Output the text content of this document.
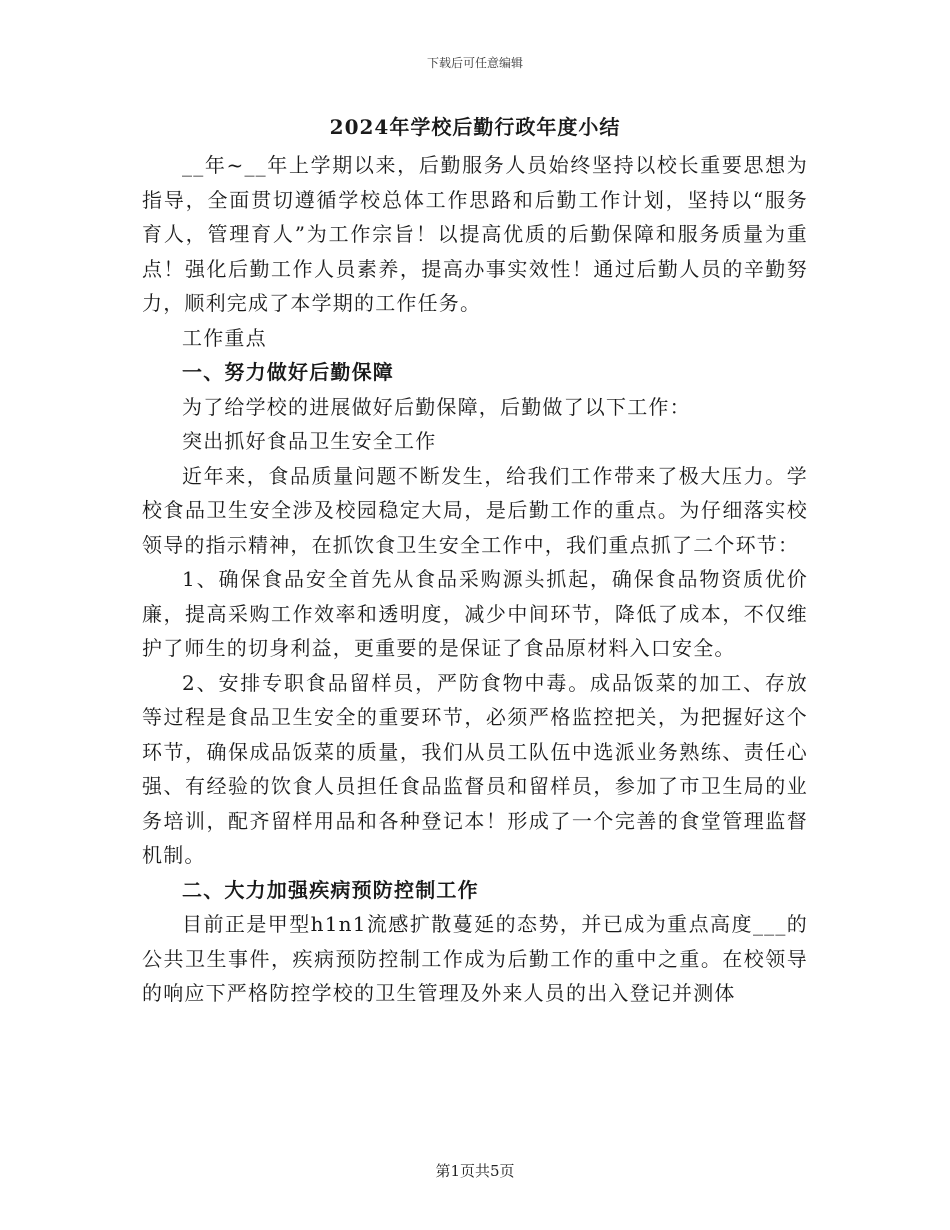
下载后可任意编辑
2024年学校后勤行政年度小结

__年~__年上学期以来，后勤服务人员始终坚持以校长重要思想为指导，全面贯切遵循学校总体工作思路和后勤工作计划，坚持以“服务育人，管理育人”为工作宗旨！以提高优质的后勤保障和服务质量为重点！强化后勤工作人员素养，提高办事实效性！通过后勤人员的辛勤努力，顺利完成了本学期的工作任务。

工作重点

一、努力做好后勤保障

为了给学校的进展做好后勤保障，后勤做了以下工作：

突出抓好食品卫生安全工作

近年来，食品质量问题不断发生，给我们工作带来了极大压力。学校食品卫生安全涉及校园稳定大局，是后勤工作的重点。为仔细落实校领导的指示精神，在抓饮食卫生安全工作中，我们重点抓了二个环节：

1、确保食品安全首先从食品采购源头抓起，确保食品物资质优价廉，提高采购工作效率和透明度，减少中间环节，降低了成本，不仅维护了师生的切身利益，更重要的是保证了食品原材料入口安全。

2、安排专职食品留样员，严防食物中毒。成品饭菜的加工、存放等过程是食品卫生安全的重要环节，必须严格监控把关，为把握好这个环节，确保成品饭菜的质量，我们从员工队伍中选派业务熟练、责任心强、有经验的饮食人员担任食品监督员和留样员，参加了市卫生局的业务培训，配齐留样用品和各种登记本！形成了一个完善的食堂管理监督机制。

二、大力加强疾病预防控制工作

目前正是甲型h1n1流感扩散蔓延的态势，并已成为重点高度___的公共卫生事件，疾病预防控制工作成为后勤工作的重中之重。在校领导的响应下严格防控学校的卫生管理及外来人员的出入登记并测体

第1页共5页
